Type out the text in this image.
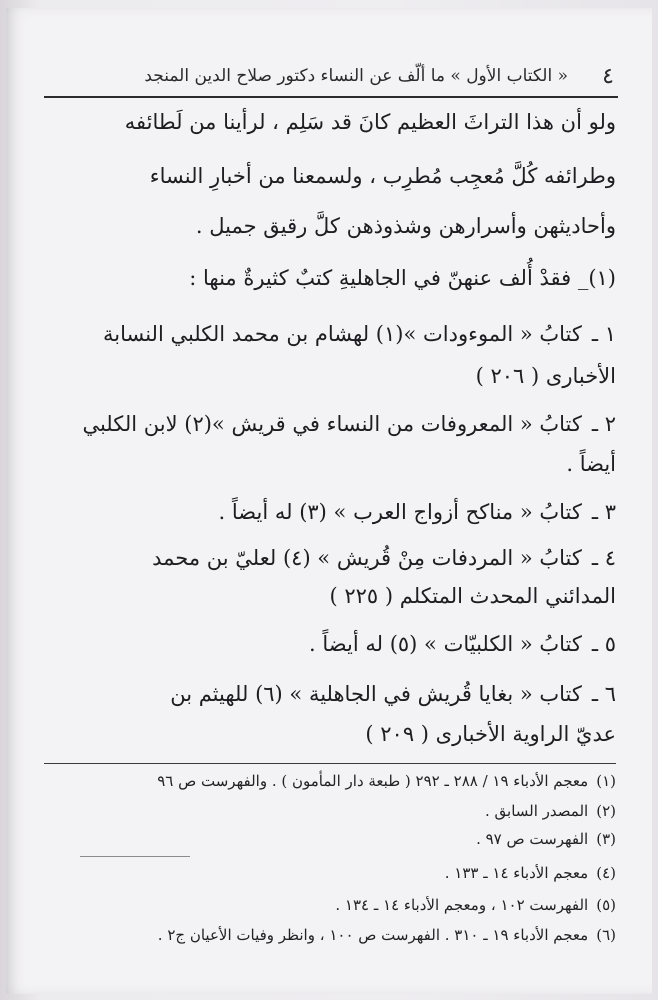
٤
« الكتاب الأول » ما ألّف عن النساء دكتور صلاح الدين المنجد
ولو أن هذا التراثَ العظيم كانَ قد سَلِم ، لرأينا من لَطائفه
وطرائفه كُلَّ مُعجِب مُطرِب ، ولسمعنا من أخبارِ النساء
وأحاديثهن وأسرارهن وشذوذهن كلَّ رقيق جميل .
(١)_ فقدْ أُلف عنهنّ في الجاهليةِ كتبٌ كثيرةٌ منها :
١ ـكتابُ « الموءودات »(١) لهشام بن محمد الكلبي النسابة
الأخبارى ( ٢٠٦ )
٢ ـكتابُ « المعروفات من النساء في قريش »(٢) لابن الكلبي
أيضاً .
٣ ـكتابُ « مناكح أزواج العرب » (٣) له أيضاً .
٤ ـكتابُ « المردفات مِنْ قُريش » (٤) لعليّ بن محمد
المدائني المحدث المتكلم ( ٢٢٥ )
٥ ـكتابُ « الكلبيّات » (٥) له أيضاً .
٦ ـكتاب « بغايا قُريش في الجاهلية » (٦) للهيثم بن
عديّ الراوية الأخبارى ( ٢٠٩ )
(١)معجم الأدباء ١٩ / ٢٨٨ ـ ٢٩٢ ( طبعة دار المأمون ) . والفهرست ص ٩٦
(٢)المصدر السابق .
(٣)الفهرست ص ٩٧ .
(٤)معجم الأدباء ١٤ ـ ١٣٣ .
(٥)الفهرست ١٠٢ ، ومعجم الأدباء ١٤ ـ ١٣٤ .
(٦)معجم الأدباء ١٩ ـ ٣١٠ . الفهرست ص ١٠٠ ، وانظر وفيات الأعيان ج٢ .
